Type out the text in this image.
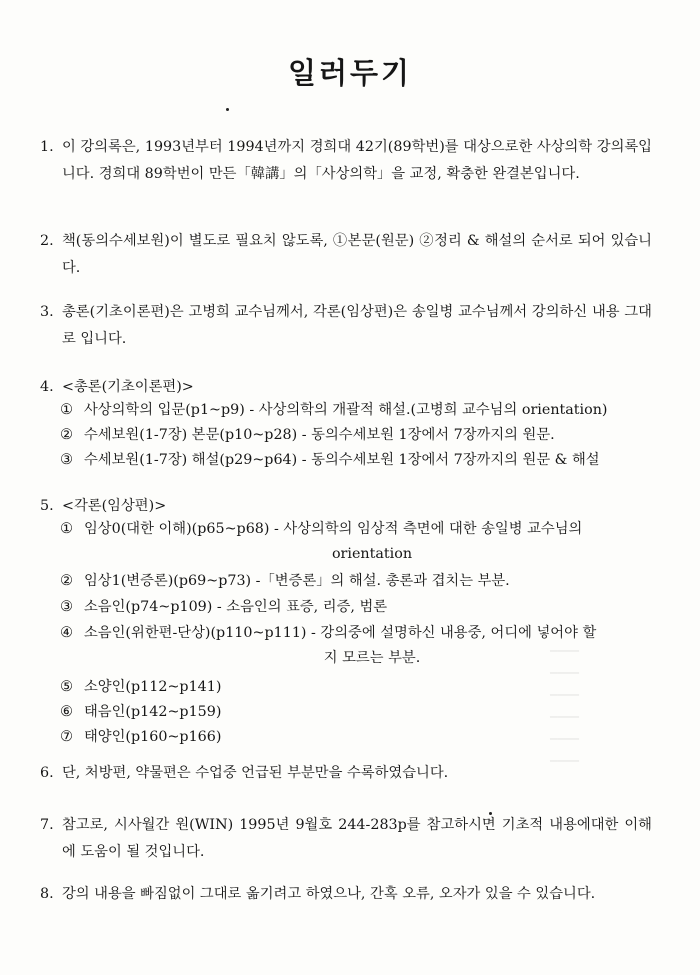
────
────
────
────
────
────
일러두기
1. 이 강의록은, 1993년부터 1994년까지 경희대 42기(89학번)를 대상으로한 사상의학 강의록입니다. 경희대 89학번이 만든「韓講」의「사상의학」을 교정, 확충한 완결본입니다.
2. 책(동의수세보원)이 별도로 필요치 않도록, ①본문(원문) ②정리 & 해설의 순서로 되어 있습니다.
3. 총론(기초이론편)은 고병희 교수님께서, 각론(임상편)은 송일병 교수님께서 강의하신 내용 그대로 입니다.
4. <총론(기초이론편)>
① 사상의학의 입문(p1~p9) - 사상의학의 개괄적 해설.(고병희 교수님의 orientation)
② 수세보원(1-7장) 본문(p10~p28) - 동의수세보원 1장에서 7장까지의 원문.
③ 수세보원(1-7장) 해설(p29~p64) - 동의수세보원 1장에서 7장까지의 원문 & 해설
5. <각론(임상편)>
① 임상0(대한 이해)(p65~p68) - 사상의학의 임상적 측면에 대한 송일병 교수님의
orientation
② 임상1(변증론)(p69~p73) -「변증론」의 해설. 총론과 겹치는 부분.
③ 소음인(p74~p109) - 소음인의 표증, 리증, 범론
④ 소음인(위한편-단상)(p110~p111) - 강의중에 설명하신 내용중, 어디에 넣어야 할
지 모르는 부분.
⑤ 소양인(p112~p141)
⑥ 태음인(p142~p159)
⑦ 태양인(p160~p166)
6. 단, 처방편, 약물편은 수업중 언급된 부분만을 수록하였습니다.
7. 참고로, 시사월간 원(WIN) 1995년 9월호 244-283p를 참고하시면 기초적 내용에대한 이해에 도움이 될 것입니다.
8. 강의 내용을 빠짐없이 그대로 옮기려고 하였으나, 간혹 오류, 오자가 있을 수 있습니다.
